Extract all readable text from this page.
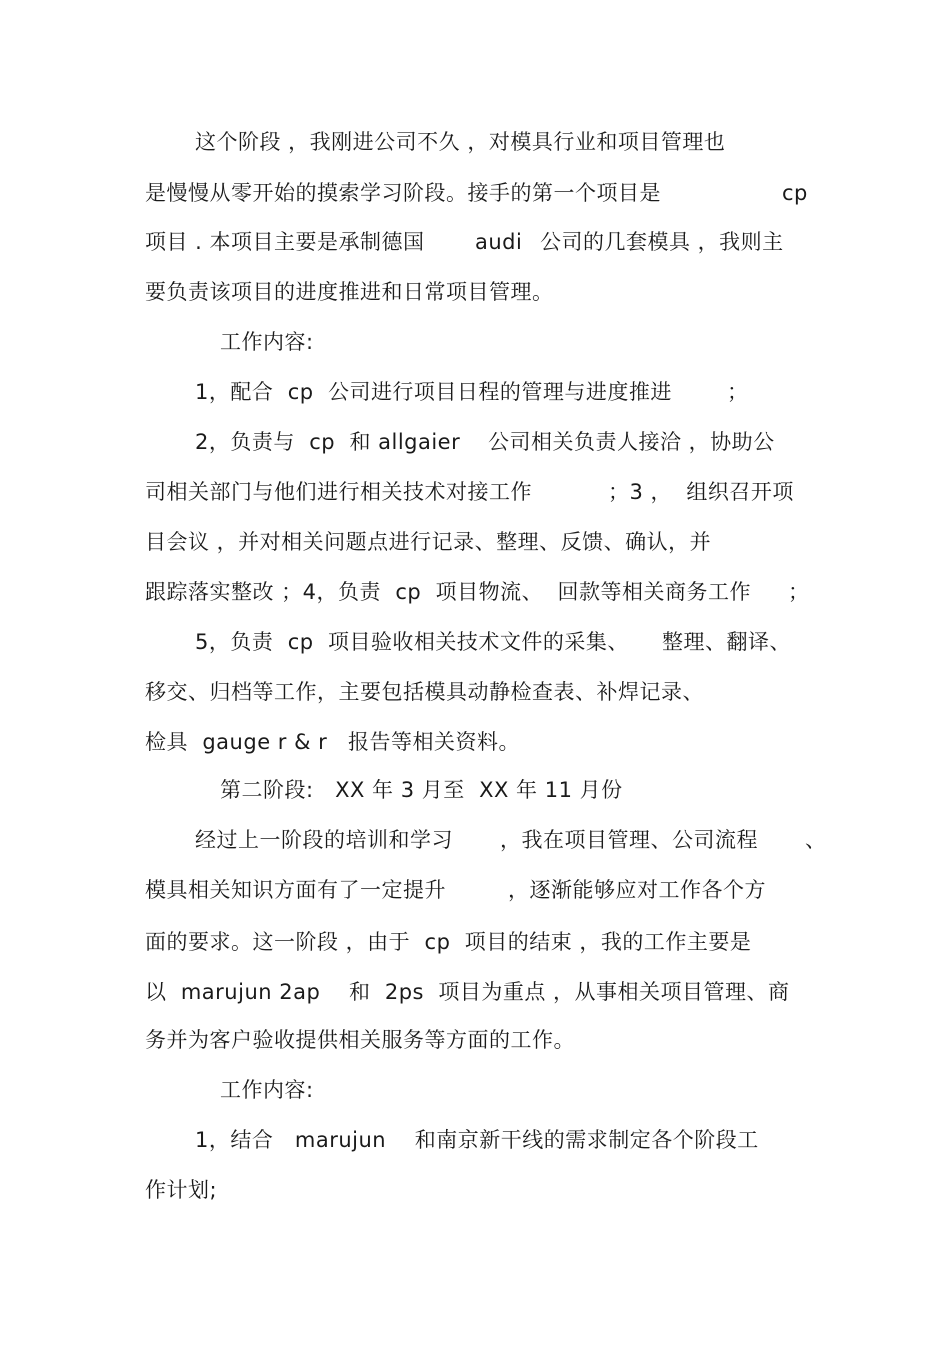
这个阶段 ，我刚进公司不久 ，对模具行业和项目管理也
是慢慢从零开始的摸索学习阶段。接手的第一个项目是	cp
项目 . 本项目主要是承制德国 audi 公司的几套模具 ，我则主
要负责该项目的进度推进和日常项目管理。
工作内容:
1，配合  cp  公司进行项目日程的管理与进度推进	；
2，负责与  cp  和 allgaier 公司相关负责人接洽 ，协助公
司相关部门与他们进行相关技术对接工作	；3 ，  组织召开项
目会议 ，并对相关问题点进行记录、整理、反馈、确认，并
跟踪落实整改 ；4，负责  cp  项目物流、  回款等相关商务工作 ；
5，负责  cp  项目验收相关技术文件的采集、 整理、翻译、
移交、归档等工作，主要包括模具动静检查表、补焊记录、
检具  gauge r & r 报告等相关资料。
第二阶段:   XX 年 3 月至  XX 年 11 月份
经过上一阶段的培训和学习 ，我在项目管理、公司流程 、
模具相关知识方面有了一定提升	，逐渐能够应对工作各个方
面的要求。这一阶段 ，由于  cp  项目的结束 ，我的工作主要是
以  marujun 2ap    和  2ps  项目为重点 ，从事相关项目管理、商
务并为客户验收提供相关服务等方面的工作。
工作内容:
1，结合   marujun    和南京新干线的需求制定各个阶段工
作计划;
